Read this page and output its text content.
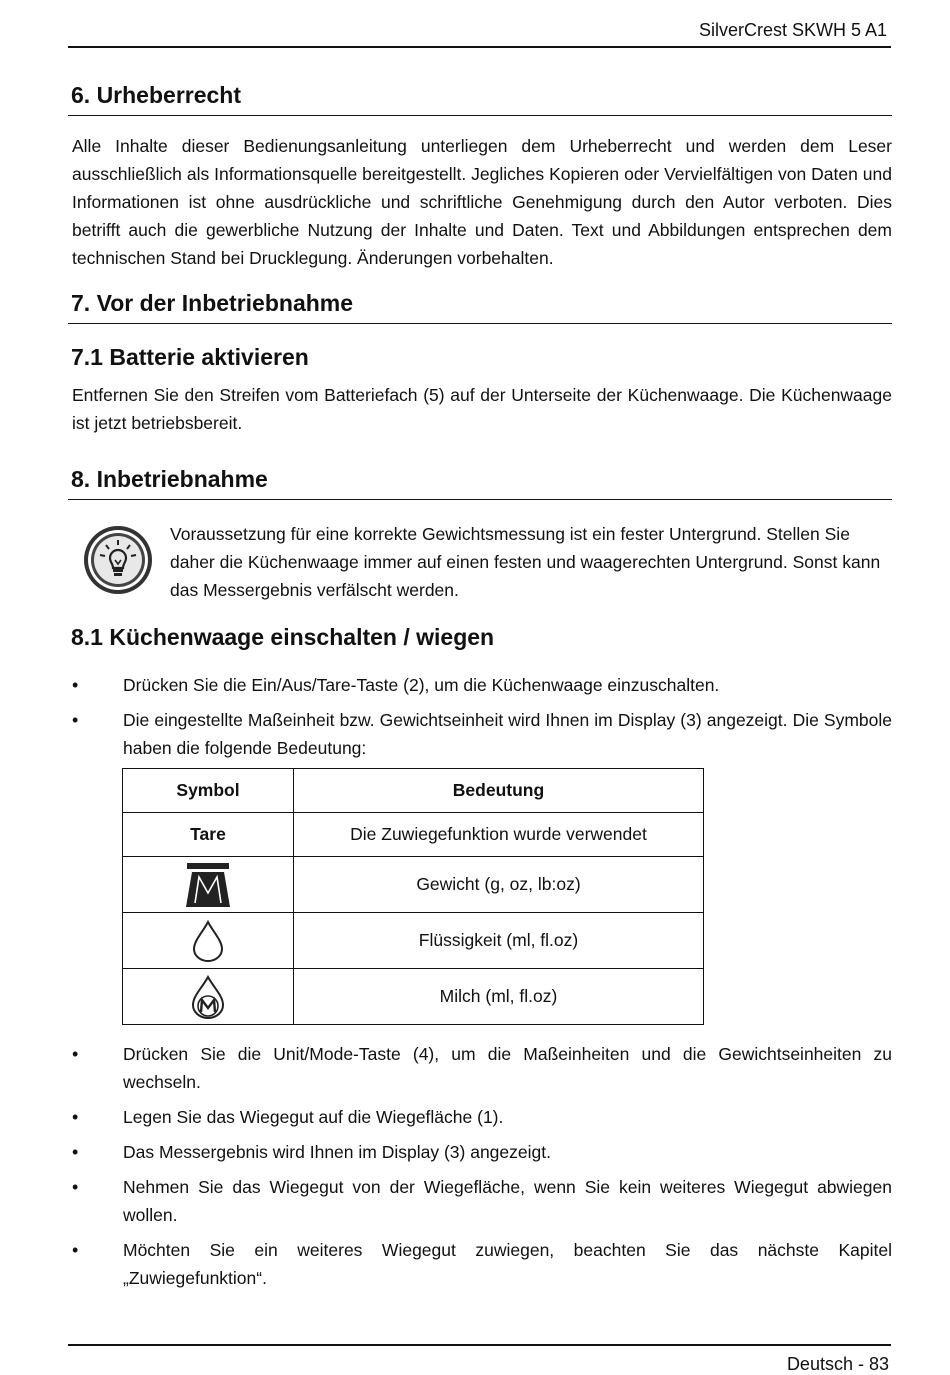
SilverCrest SKWH 5 A1
6. Urheberrecht

Alle Inhalte dieser Bedienungsanleitung unterliegen dem Urheberrecht und werden dem Leser ausschließlich als Informationsquelle bereitgestellt. Jegliches Kopieren oder Vervielfältigen von Daten und Informationen ist ohne ausdrückliche und schriftliche Genehmigung durch den Autor verboten. Dies betrifft auch die gewerbliche Nutzung der Inhalte und Daten. Text und Abbildungen entsprechen dem technischen Stand bei Drucklegung. Änderungen vorbehalten.

7. Vor der Inbetriebnahme
7.1 Batterie aktivieren

Entfernen Sie den Streifen vom Batteriefach (5) auf der Unterseite der Küchenwaage. Die Küchenwaage ist jetzt betriebsbereit.

8. Inbetriebnahme
Voraussetzung für eine korrekte Gewichtsmessung ist ein fester Untergrund. Stellen Sie daher die Küchenwaage immer auf einen festen und waagerechten Untergrund. Sonst kann das Messergebnis verfälscht werden.
8.1 Küchenwaage einschalten / wiegen
• Drücken Sie die Ein/Aus/Tare-Taste (2), um die Küchenwaage einzuschalten.
• Die eingestellte Maßeinheit bzw. Gewichtseinheit wird Ihnen im Display (3) angezeigt. Die Symbole haben die folgende Bedeutung:
Symbol	Bedeutung
Tare	Die Zuwiegefunktion wurde verwendet

	Gewicht (g, oz, lb:oz)

	Flüssigkeit (ml, fl.oz)

	Milch (ml, fl.oz)
• Drücken Sie die Unit/Mode-Taste (4), um die Maßeinheiten und die Gewichtseinheiten zu wechseln.
• Legen Sie das Wiegegut auf die Wiegefläche (1).
• Das Messergebnis wird Ihnen im Display (3) angezeigt.
• Nehmen Sie das Wiegegut von der Wiegefläche, wenn Sie kein weiteres Wiegegut abwiegen wollen.
• Möchten Sie ein weiteres Wiegegut zuwiegen, beachten Sie das nächste Kapitel „Zuwiegefunktion“.
Deutsch - 83
